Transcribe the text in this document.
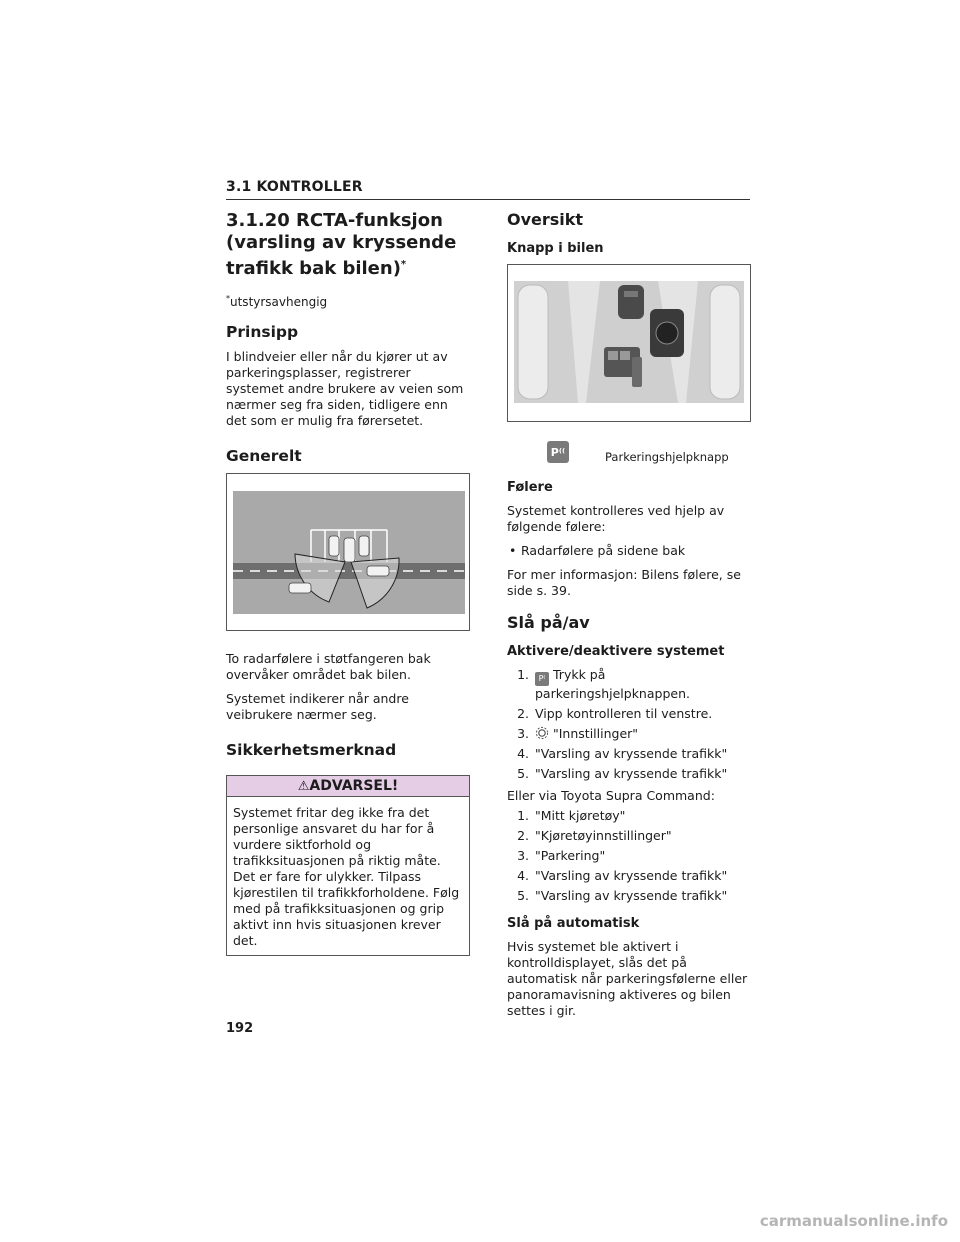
3.1 KONTROLLER
3.1.20 RCTA-funksjon (varsling av kryssende trafikk bak bilen)*
*utstyrsavhengig
Prinsipp

I blindveier eller når du kjører ut av parkeringsplasser, registrerer systemet andre brukere av veien som nærmer seg fra siden, tidligere enn det som er mulig fra førersetet.

Generelt

To radarfølere i støtfangeren bak overvåker området bak bilen.

Systemet indikerer når andre veibrukere nærmer seg.

Sikkerhetsmerknad
⚠ADVARSEL!
Systemet fritar deg ikke fra det personlige ansvaret du har for å vurdere siktforhold og trafikksituasjonen på riktig måte. Det er fare for ulykker. Tilpass kjørestilen til trafikkforholdene. Følg med på trafikksituasjonen og grip aktivt inn hvis situasjonen krever det.
Oversikt
Knapp i bilen
P⁽⁽	Parkeringshjelpknapp
Følere

Systemet kontrolleres ved hjelp av følgende følere:

• Radarfølere på sidene bak

For mer informasjon: Bilens følere, se side s. 39.

Slå på/av
Aktivere/deaktivere systemet
1.	P⁽ Trykk på parkeringshjelpknappen.
2. Vipp kontrolleren til venstre.
3.	"Innstillinger"
4. "Varsling av kryssende trafikk"
5. "Varsling av kryssende trafikk"

Eller via Toyota Supra Command:

1. "Mitt kjøretøy"
2. "Kjøretøyinnstillinger"
3. "Parkering"
4. "Varsling av kryssende trafikk"
5. "Varsling av kryssende trafikk"
Slå på automatisk

Hvis systemet ble aktivert i kontrolldisplayet, slås det på automatisk når parkeringsfølerne eller panoramavisning aktiveres og bilen settes i gir.

192
carmanualsonline.info
